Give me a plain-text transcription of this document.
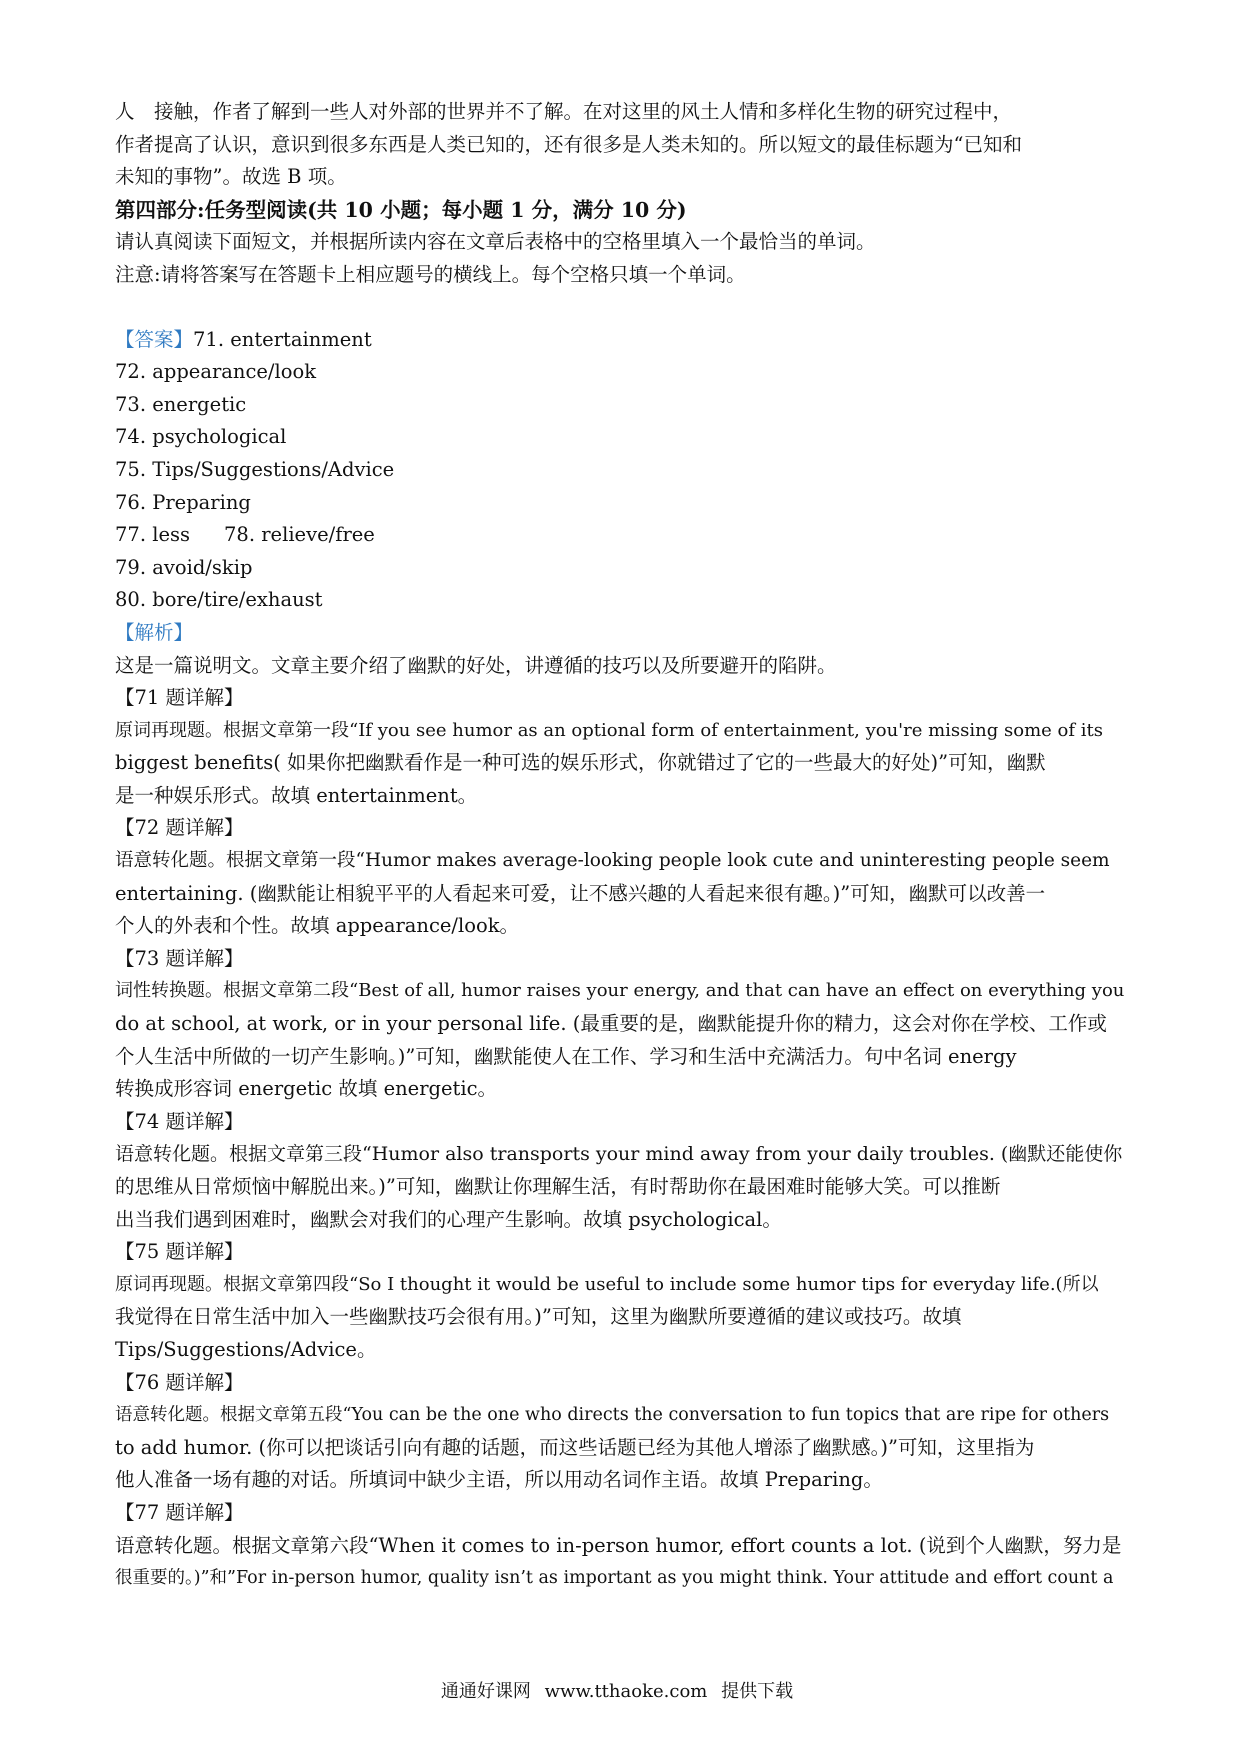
人　接触，作者了解到一些人对外部的世界并不了解。在对这里的风土人情和多样化生物的研究过程中，

作者提高了认识，意识到很多东西是人类已知的，还有很多是人类未知的。所以短文的最佳标题为“已知和

未知的事物”。故选 B 项。

第四部分:任务型阅读(共 10 小题；每小题 1 分，满分 10 分)

请认真阅读下面短文，并根据所读内容在文章后表格中的空格里填入一个最恰当的单词。

注意:请将答案写在答题卡上相应题号的横线上。每个空格只填一个单词。

【答案】71. entertainment

72. appearance/look

73. energetic

74. psychological

75. Tips/Suggestions/Advice

76. Preparing

77. less 78. relieve/free

79. avoid/skip

80. bore/tire/exhaust

【解析】

这是一篇说明文。文章主要介绍了幽默的好处，讲遵循的技巧以及所要避开的陷阱。

【71 题详解】

原词再现题。根据文章第一段“If you see humor as an optional form of entertainment, you're missing some of its

biggest benefits( 如果你把幽默看作是一种可选的娱乐形式，你就错过了它的一些最大的好处)”可知，幽默

是一种娱乐形式。故填 entertainment。

【72 题详解】

语意转化题。根据文章第一段“Humor makes average-looking people look cute and uninteresting people seem

entertaining. (幽默能让相貌平平的人看起来可爱，让不感兴趣的人看起来很有趣。)”可知，幽默可以改善一

个人的外表和个性。故填 appearance/look。

【73 题详解】

词性转换题。根据文章第二段“Best of all, humor raises your energy, and that can have an effect on everything you

do at school, at work, or in your personal life. (最重要的是，幽默能提升你的精力，这会对你在学校、工作或

个人生活中所做的一切产生影响。)”可知，幽默能使人在工作、学习和生活中充满活力。句中名词 energy

转换成形容词 energetic 故填 energetic。

【74 题详解】

语意转化题。根据文章第三段“Humor also transports your mind away from your daily troubles. (幽默还能使你

的思维从日常烦恼中解脱出来。)”可知，幽默让你理解生活，有时帮助你在最困难时能够大笑。可以推断

出当我们遇到困难时，幽默会对我们的心理产生影响。故填 psychological。

【75 题详解】

原词再现题。根据文章第四段“So I thought it would be useful to include some humor tips for everyday life.(所以

我觉得在日常生活中加入一些幽默技巧会很有用。)”可知，这里为幽默所要遵循的建议或技巧。故填

Tips/Suggestions/Advice。

【76 题详解】

语意转化题。根据文章第五段“You can be the one who directs the conversation to fun topics that are ripe for others

to add humor. (你可以把谈话引向有趣的话题，而这些话题已经为其他人增添了幽默感。)”可知，这里指为

他人准备一场有趣的对话。所填词中缺少主语，所以用动名词作主语。故填 Preparing。

【77 题详解】

语意转化题。根据文章第六段“When it comes to in-person humor, effort counts a lot. (说到个人幽默，努力是

很重要的。)”和”For in-person humor, quality isn’t as important as you might think. Your attitude and effort count a

通通好课网 www.tthaoke.com 提供下载
